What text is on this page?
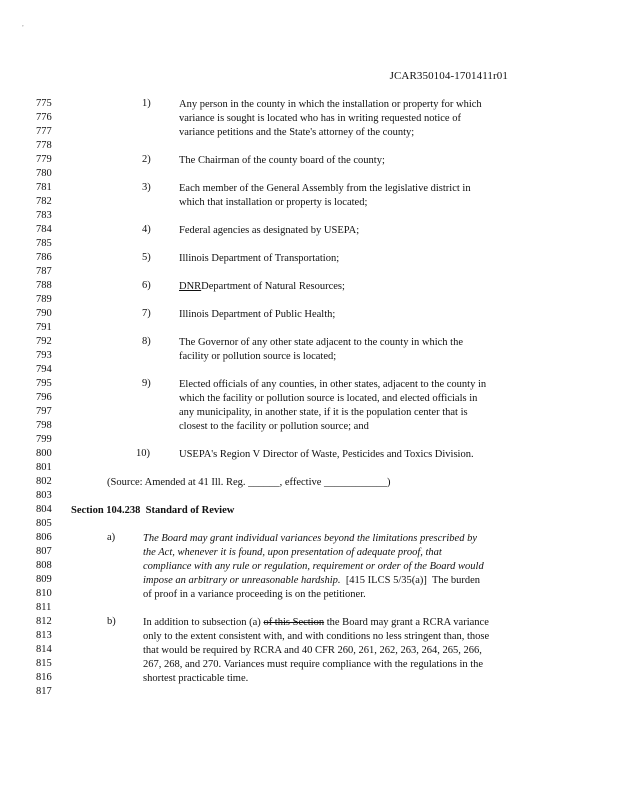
,
JCAR350104-1701411r01
775
776
777
778
779
780
781
782
783
784
785
786
787
788
789
790
791
792
793
794
795
796
797
798
799
800
801
802
803
804
805
806
807
808
809
810
811
812
813
814
815
816
817
1)	Any person in the county in which the installation or property for which
variance is sought is located who has in writing requested notice of
variance petitions and the State's attorney of the county;
2)	The Chairman of the county board of the county;
3)	Each member of the General Assembly from the legislative district in
which that installation or property is located;
4)	Federal agencies as designated by USEPA;
5)	Illinois Department of Transportation;
6)	DNRDepartment of Natural Resources;
7)	Illinois Department of Public Health;
8)	The Governor of any other state adjacent to the county in which the
facility or pollution source is located;
9)	Elected officials of any counties, in other states, adjacent to the county in
which the facility or pollution source is located, and elected officials in
any municipality, in another state, if it is the population center that is
closest to the facility or pollution source; and
10)	USEPA's Region V Director of Waste, Pesticides and Toxics Division.
(Source: Amended at 41 Ill. Reg. ______, effective ____________)
Section 104.238 Standard of Review
a)	The Board may grant individual variances beyond the limitations prescribed by
the Act, whenever it is found, upon presentation of adequate proof, that
compliance with any rule or regulation, requirement or order of the Board would
impose an arbitrary or unreasonable hardship.  [415 ILCS 5/35(a)]  The burden
of proof in a variance proceeding is on the petitioner.
b)	In addition to subsection (a) of this Section the Board may grant a RCRA variance
only to the extent consistent with, and with conditions no less stringent than, those
that would be required by RCRA and 40 CFR 260, 261, 262, 263, 264, 265, 266,
267, 268, and 270. Variances must require compliance with the regulations in the
shortest practicable time.
